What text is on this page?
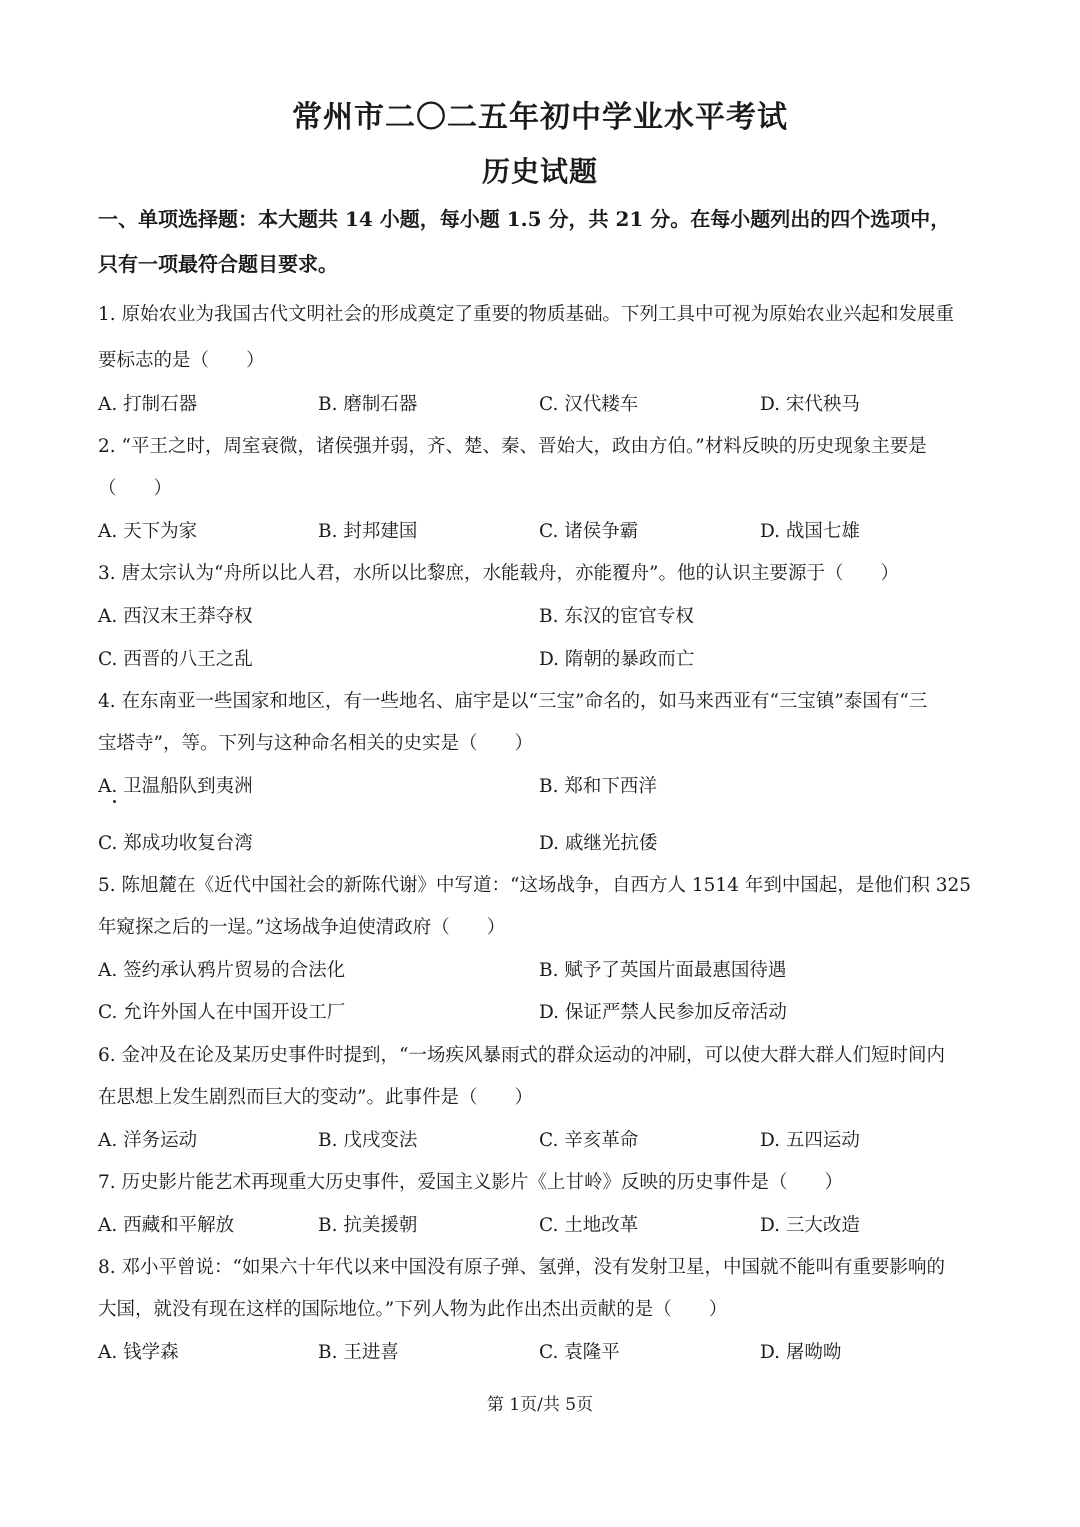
常州市二〇二五年初中学业水平考试
历史试题
一、单项选择题：本大题共 14 小题，每小题 1.5 分，共 21 分。在每小题列出的四个选项中，
只有一项最符合题目要求。
1. 原始农业为我国古代文明社会的形成奠定了重要的物质基础。下列工具中可视为原始农业兴起和发展重
要标志的是（　　）
A. 打制石器	B. 磨制石器	C. 汉代耧车	D. 宋代秧马
2. “平王之时，周室衰微，诸侯强并弱，齐、楚、秦、晋始大，政由方伯。”材料反映的历史现象主要是
（　　）
A. 天下为家	B. 封邦建国	C. 诸侯争霸	D. 战国七雄
3. 唐太宗认为“舟所以比人君，水所以比黎庶，水能载舟，亦能覆舟”。他的认识主要源于（　　）
A. 西汉末王莽夺权	B. 东汉的宦官专权
C. 西晋的八王之乱	D. 隋朝的暴政而亡
4. 在东南亚一些国家和地区，有一些地名、庙宇是以“三宝”命名的，如马来西亚有“三宝镇”泰国有“三
宝塔寺”，等。下列与这种命名相关的史实是（　　）
A. 卫温船队到夷洲	B. 郑和下西洋
C. 郑成功收复台湾	D. 戚继光抗倭
5. 陈旭麓在《近代中国社会的新陈代谢》中写道：“这场战争，自西方人 1514 年到中国起，是他们积 325
年窥探之后的一逞。”这场战争迫使清政府（　　）
A. 签约承认鸦片贸易的合法化	B. 赋予了英国片面最惠国待遇
C. 允许外国人在中国开设工厂	D. 保证严禁人民参加反帝活动
6. 金冲及在论及某历史事件时提到，“一场疾风暴雨式的群众运动的冲刷，可以使大群大群人们短时间内
在思想上发生剧烈而巨大的变动”。此事件是（　　）
A. 洋务运动	B. 戊戌变法	C. 辛亥革命	D. 五四运动
7. 历史影片能艺术再现重大历史事件，爱国主义影片《上甘岭》反映的历史事件是（　　）
A. 西藏和平解放	B. 抗美援朝	C. 土地改革	D. 三大改造
8. 邓小平曾说：“如果六十年代以来中国没有原子弹、氢弹，没有发射卫星，中国就不能叫有重要影响的
大国，就没有现在这样的国际地位。”下列人物为此作出杰出贡献的是（　　）
A. 钱学森	B. 王进喜	C. 袁隆平	D. 屠呦呦
第 1页/共 5页
